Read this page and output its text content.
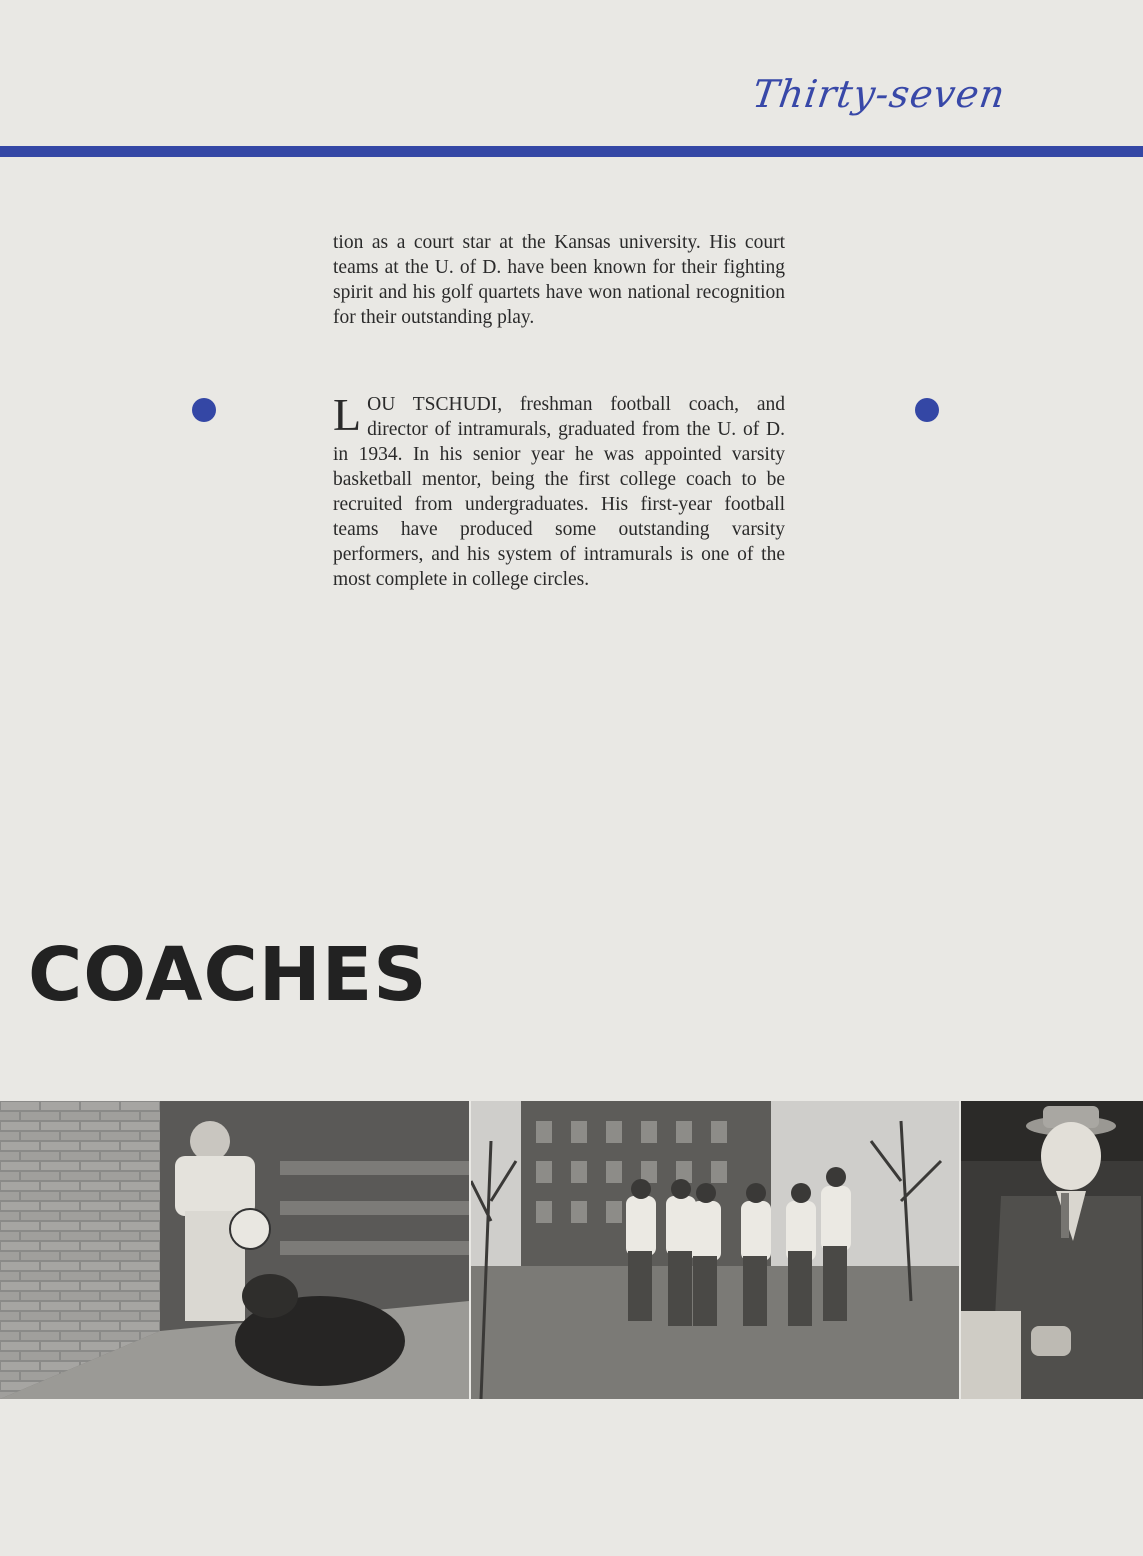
Thirty-seven

tion as a court star at the Kansas university. His court teams at the U. of D. have been known for their fighting spirit and his golf quartets have won national recognition for their outstanding play.

LOU TSCHUDI, freshman football coach, and director of intramurals, graduated from the U. of D. in 1934. In his senior year he was appointed varsity basketball mentor, being the first college coach to be recruited from undergraduates. His first-year football teams have produced some outstanding varsity performers, and his system of intramurals is one of the most complete in college circles.

COACHES
